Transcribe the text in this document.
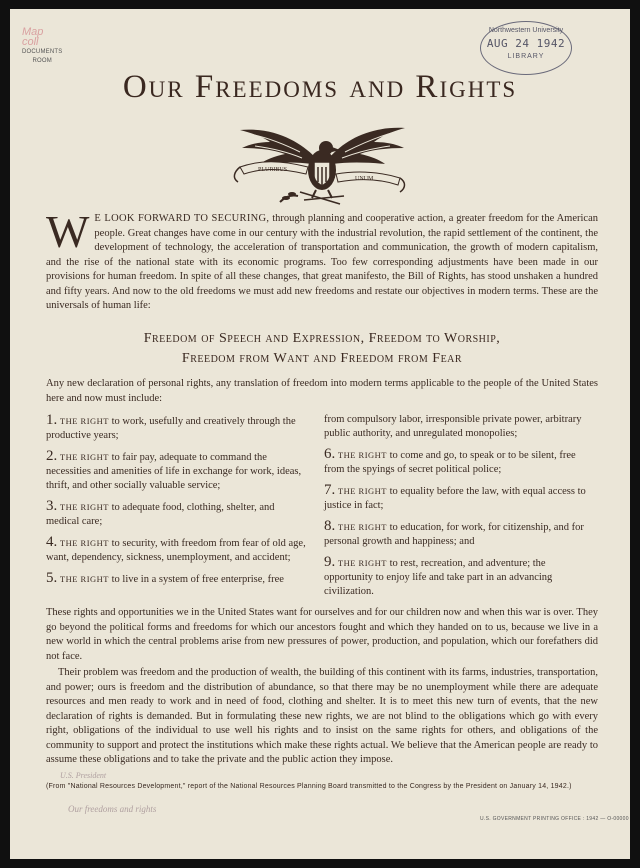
Map
coll
DOCUMENTS
ROOM
Northwestern University
AUG 24 1942
LIBRARY
Our Freedoms and Rights
PLURIBUS
UNUM
W E LOOK FORWARD TO SECURING, through planning and cooperative action, a greater freedom for the American people. Great changes have come in our century with the industrial revolution, the rapid settlement of the continent, the development of technology, the acceleration of transportation and communication, the growth of modern capitalism, and the rise of the national state with its economic programs. Too few corresponding adjustments have been made in our provisions for human freedom. In spite of all these changes, that great manifesto, the Bill of Rights, has stood unshaken a hundred and fifty years. And now to the old freedoms we must add new freedoms and restate our objectives in modern terms. These are the universals of human life:
Freedom of Speech and Expression, Freedom to Worship,
Freedom from Want and Freedom from Fear
Any new declaration of personal rights, any translation of freedom into modern terms applicable to the people of the United States here and now must include:
1. THE RIGHT to work, usefully and creatively through the productive years;
2. THE RIGHT to fair pay, adequate to command the necessities and amenities of life in exchange for work, ideas, thrift, and other socially valuable service;
3. THE RIGHT to adequate food, clothing, shelter, and medical care;
4. THE RIGHT to security, with freedom from fear of old age, want, dependency, sickness, unemployment, and accident;
5. THE RIGHT to live in a system of free enterprise, free
from compulsory labor, irresponsible private power, arbitrary public authority, and unregulated monopolies;
6. THE RIGHT to come and go, to speak or to be silent, free from the spyings of secret political police;
7. THE RIGHT to equality before the law, with equal access to justice in fact;
8. THE RIGHT to education, for work, for citizenship, and for personal growth and happiness; and
9. THE RIGHT to rest, recreation, and adventure; the opportunity to enjoy life and take part in an advancing civilization.

These rights and opportunities we in the United States want for ourselves and for our children now and when this war is over. They go beyond the political forms and freedoms for which our ancestors fought and which they handed on to us, because we live in a new world in which the central problems arise from new pressures of power, production, and population, which our forefathers did not face.

Their problem was freedom and the production of wealth, the building of this continent with its farms, industries, transportation, and power; ours is freedom and the distribution of abundance, so that there may be no unemployment while there are adequate resources and men ready to work and in need of food, clothing and shelter. It is to meet this new turn of events, that the new declaration of rights is demanded. But in formulating these new rights, we are not blind to the obligations which go with every right, obligations of the individual to use well his rights and to insist on the same rights for others, and obligations of the community to support and protect the institutions which make these rights actual. We believe that the American people are ready to assume these obligations and to take the private and the public action they impose.

U.S. President
(From "National Resources Development," report of the National Resources Planning Board transmitted to the Congress by the President on January 14, 1942.)
Our freedoms and rights
U.S. GOVERNMENT PRINTING OFFICE : 1942 — O-00000
